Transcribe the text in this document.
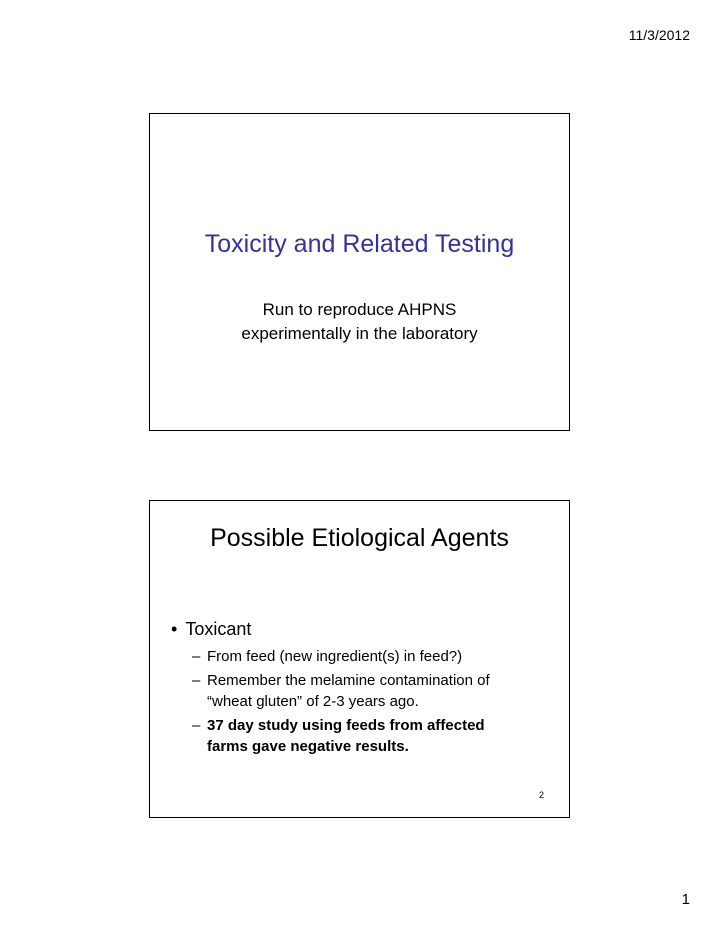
11/3/2012
Toxicity and Related Testing
Run to reproduce AHPNS
experimentally in the laboratory
Possible Etiological Agents
• Toxicant
– From feed (new ingredient(s) in feed?)
– Remember the melamine contamination of
“wheat gluten” of 2-3 years ago.
– 37 day study using feeds from affected
farms gave negative results.
2
1
